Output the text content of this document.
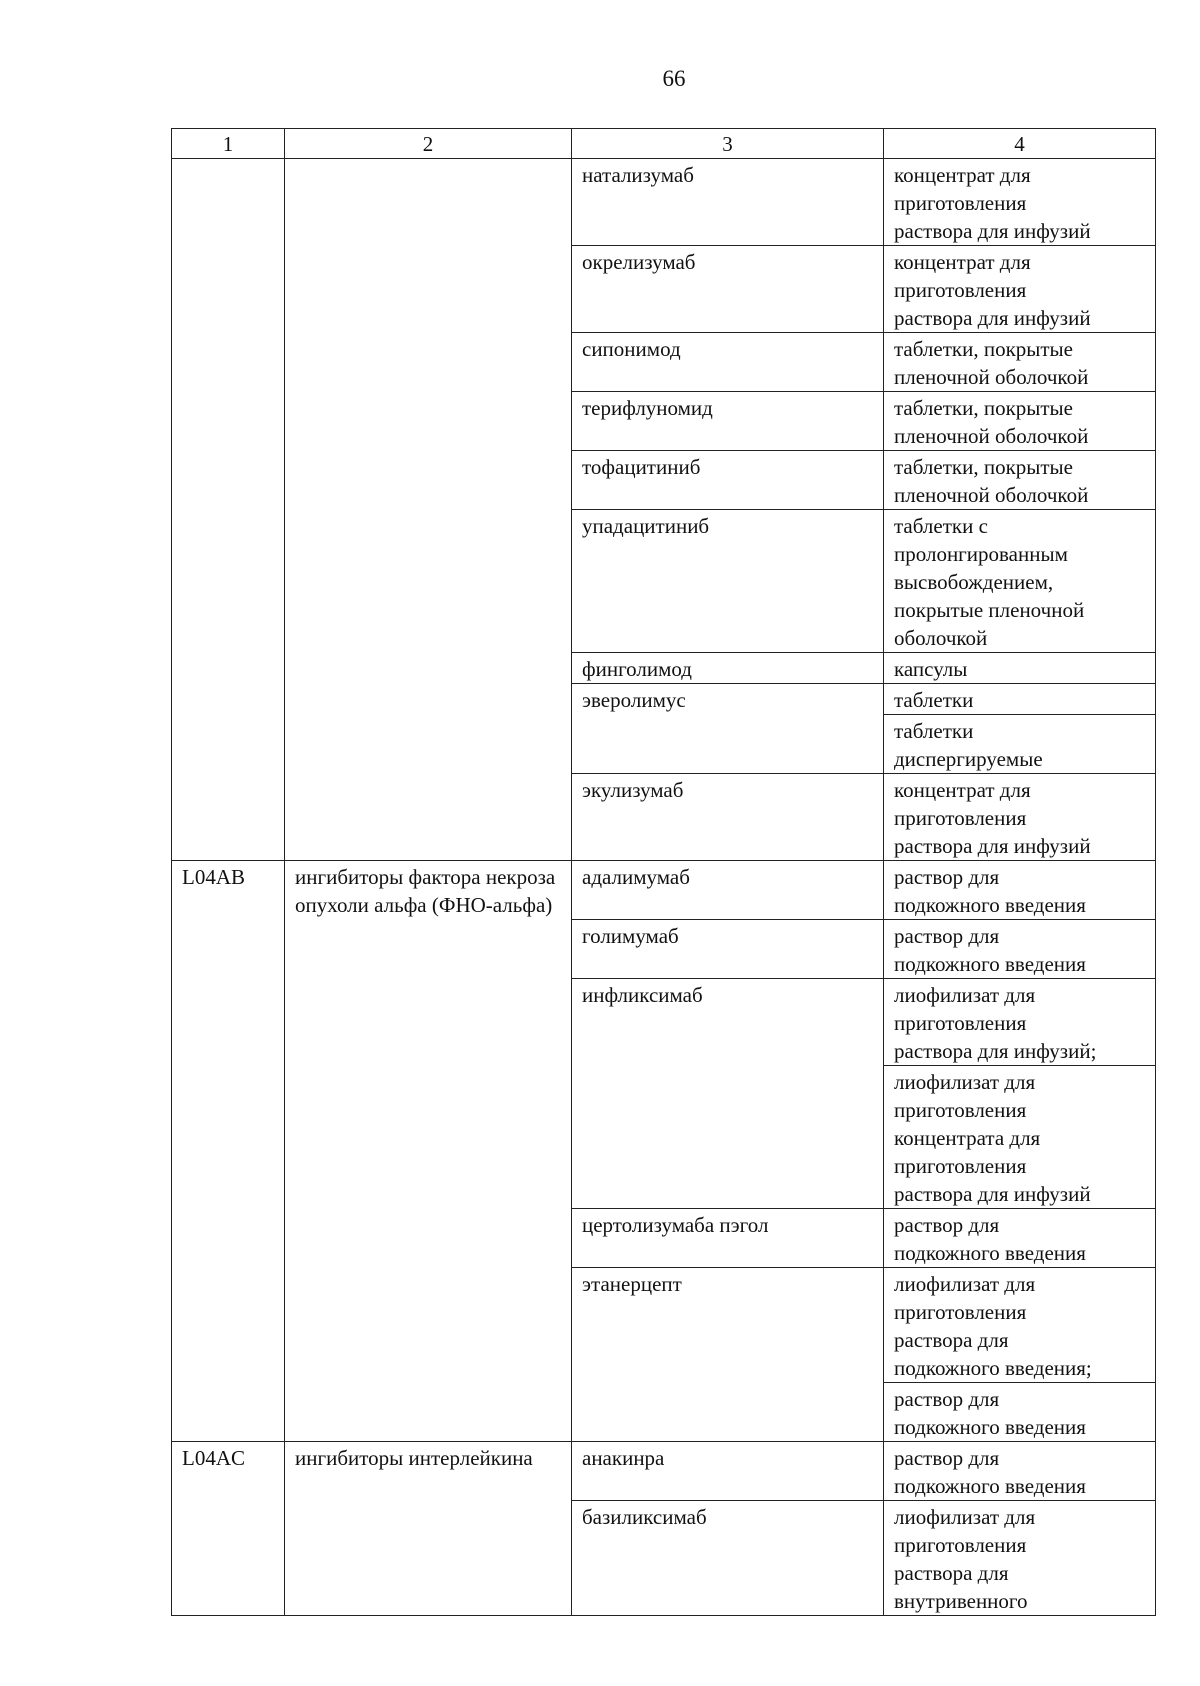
66
1	2	3	4
		натализумаб	концентрат для
приготовления
раствора для инфузий

		окрелизумаб	концентрат для
приготовления
раствора для инфузий

		сипонимод	таблетки, покрытые
пленочной оболочкой

		терифлуномид	таблетки, покрытые
пленочной оболочкой

		тофацитиниб	таблетки, покрытые
пленочной оболочкой

		упадацитиниб	таблетки с
пролонгированным
высвобождением,
покрытые пленочной
оболочкой

		финголимод	капсулы

		эверолимус	таблетки

			таблетки
диспергируемые

		экулизумаб	концентрат для
приготовления
раствора для инфузий

L04AB	ингибиторы фактора некроза опухоли альфа (ФНО-альфа)	адалимумаб	раствор для
подкожного введения

		голимумаб	раствор для
подкожного введения

		инфликсимаб	лиофилизат для
приготовления
раствора для инфузий;

			лиофилизат для
приготовления
концентрата для
приготовления
раствора для инфузий

		цертолизумаба пэгол	раствор для
подкожного введения

		этанерцепт	лиофилизат для
приготовления
раствора для
подкожного введения;

			раствор для
подкожного введения

L04AC	ингибиторы интерлейкина	анакинра	раствор для
подкожного введения

		базиликсимаб	лиофилизат для
приготовления
раствора для
внутривенного
